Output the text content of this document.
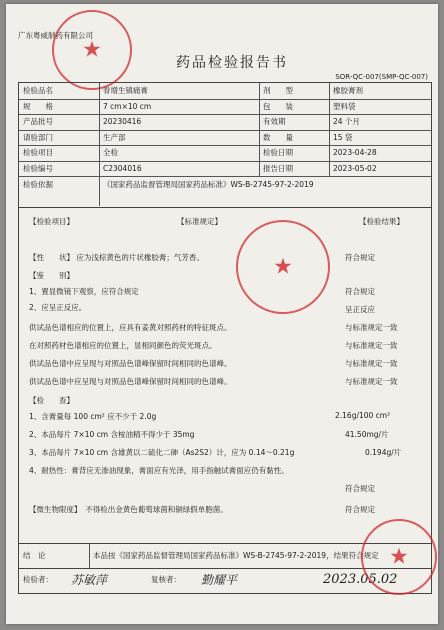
广东粤威制药有限公司
药品检验报告书
SOR-QC-007(SMP-QC-007)
★
检验品名	骨增生镇痛膏	剂　　型	橡胶膏剂
规　　格	7 cm×10 cm	包　　装	塑料袋
产品批号	20230416	有效期	24 个月
请验部门	生产部	数　　量	15 袋
检验项目	全检	检验日期	2023-04-28
检验编号	C2304016	报告日期	2023-05-02
检验依据	《国家药品监督管理局国家药品标准》WS-B-2745-97-2-2019
【检验项目】	【标准规定】	【检验结果】
【性　　状】 应为浅棕黄色的片状橡胶膏；气芳香。	符合规定
【鉴　　别】
1、置显微镜下观察，应符合规定	符合规定
2、应呈正反应。	呈正反应
供试品色谱相应的位置上，应具有姜黄对照药材的特征斑点。	与标准规定一致
在对照药材色谱相应的位置上，显相同颜色的荧光斑点。	与标准规定一致
供试品色谱中应呈现与对照品色谱峰保留时间相同的色谱峰。	与标准规定一致
供试品色谱中应呈现与对照品色谱峰保留时间相同的色谱峰。	与标准规定一致
【检　　查】
1、含膏量每 100 cm² 应不少于 2.0g	2.16g/100 cm²
2、本品每片 7×10 cm 含桉油精不得少于 35mg	41.50mg/片
3、本品每片 7×10 cm 含雄黄以二硫化二砷（As2S2）计，应为 0.14～0.21g	0.194g/片
4、耐热性：膏背应无渗油现象，膏面应有光泽，用手指触试膏面应仍有黏性。
符合规定
【微生物限度】　不得检出金黄色葡萄球菌和铜绿假单胞菌。	符合规定
★
结　论	本品按《国家药品监督管理局国家药品标准》WS-B-2745-97-2-2019，结果符合规定
检验者：	苏敏萍	复核者：	勤耀平	2023.05.02
★
